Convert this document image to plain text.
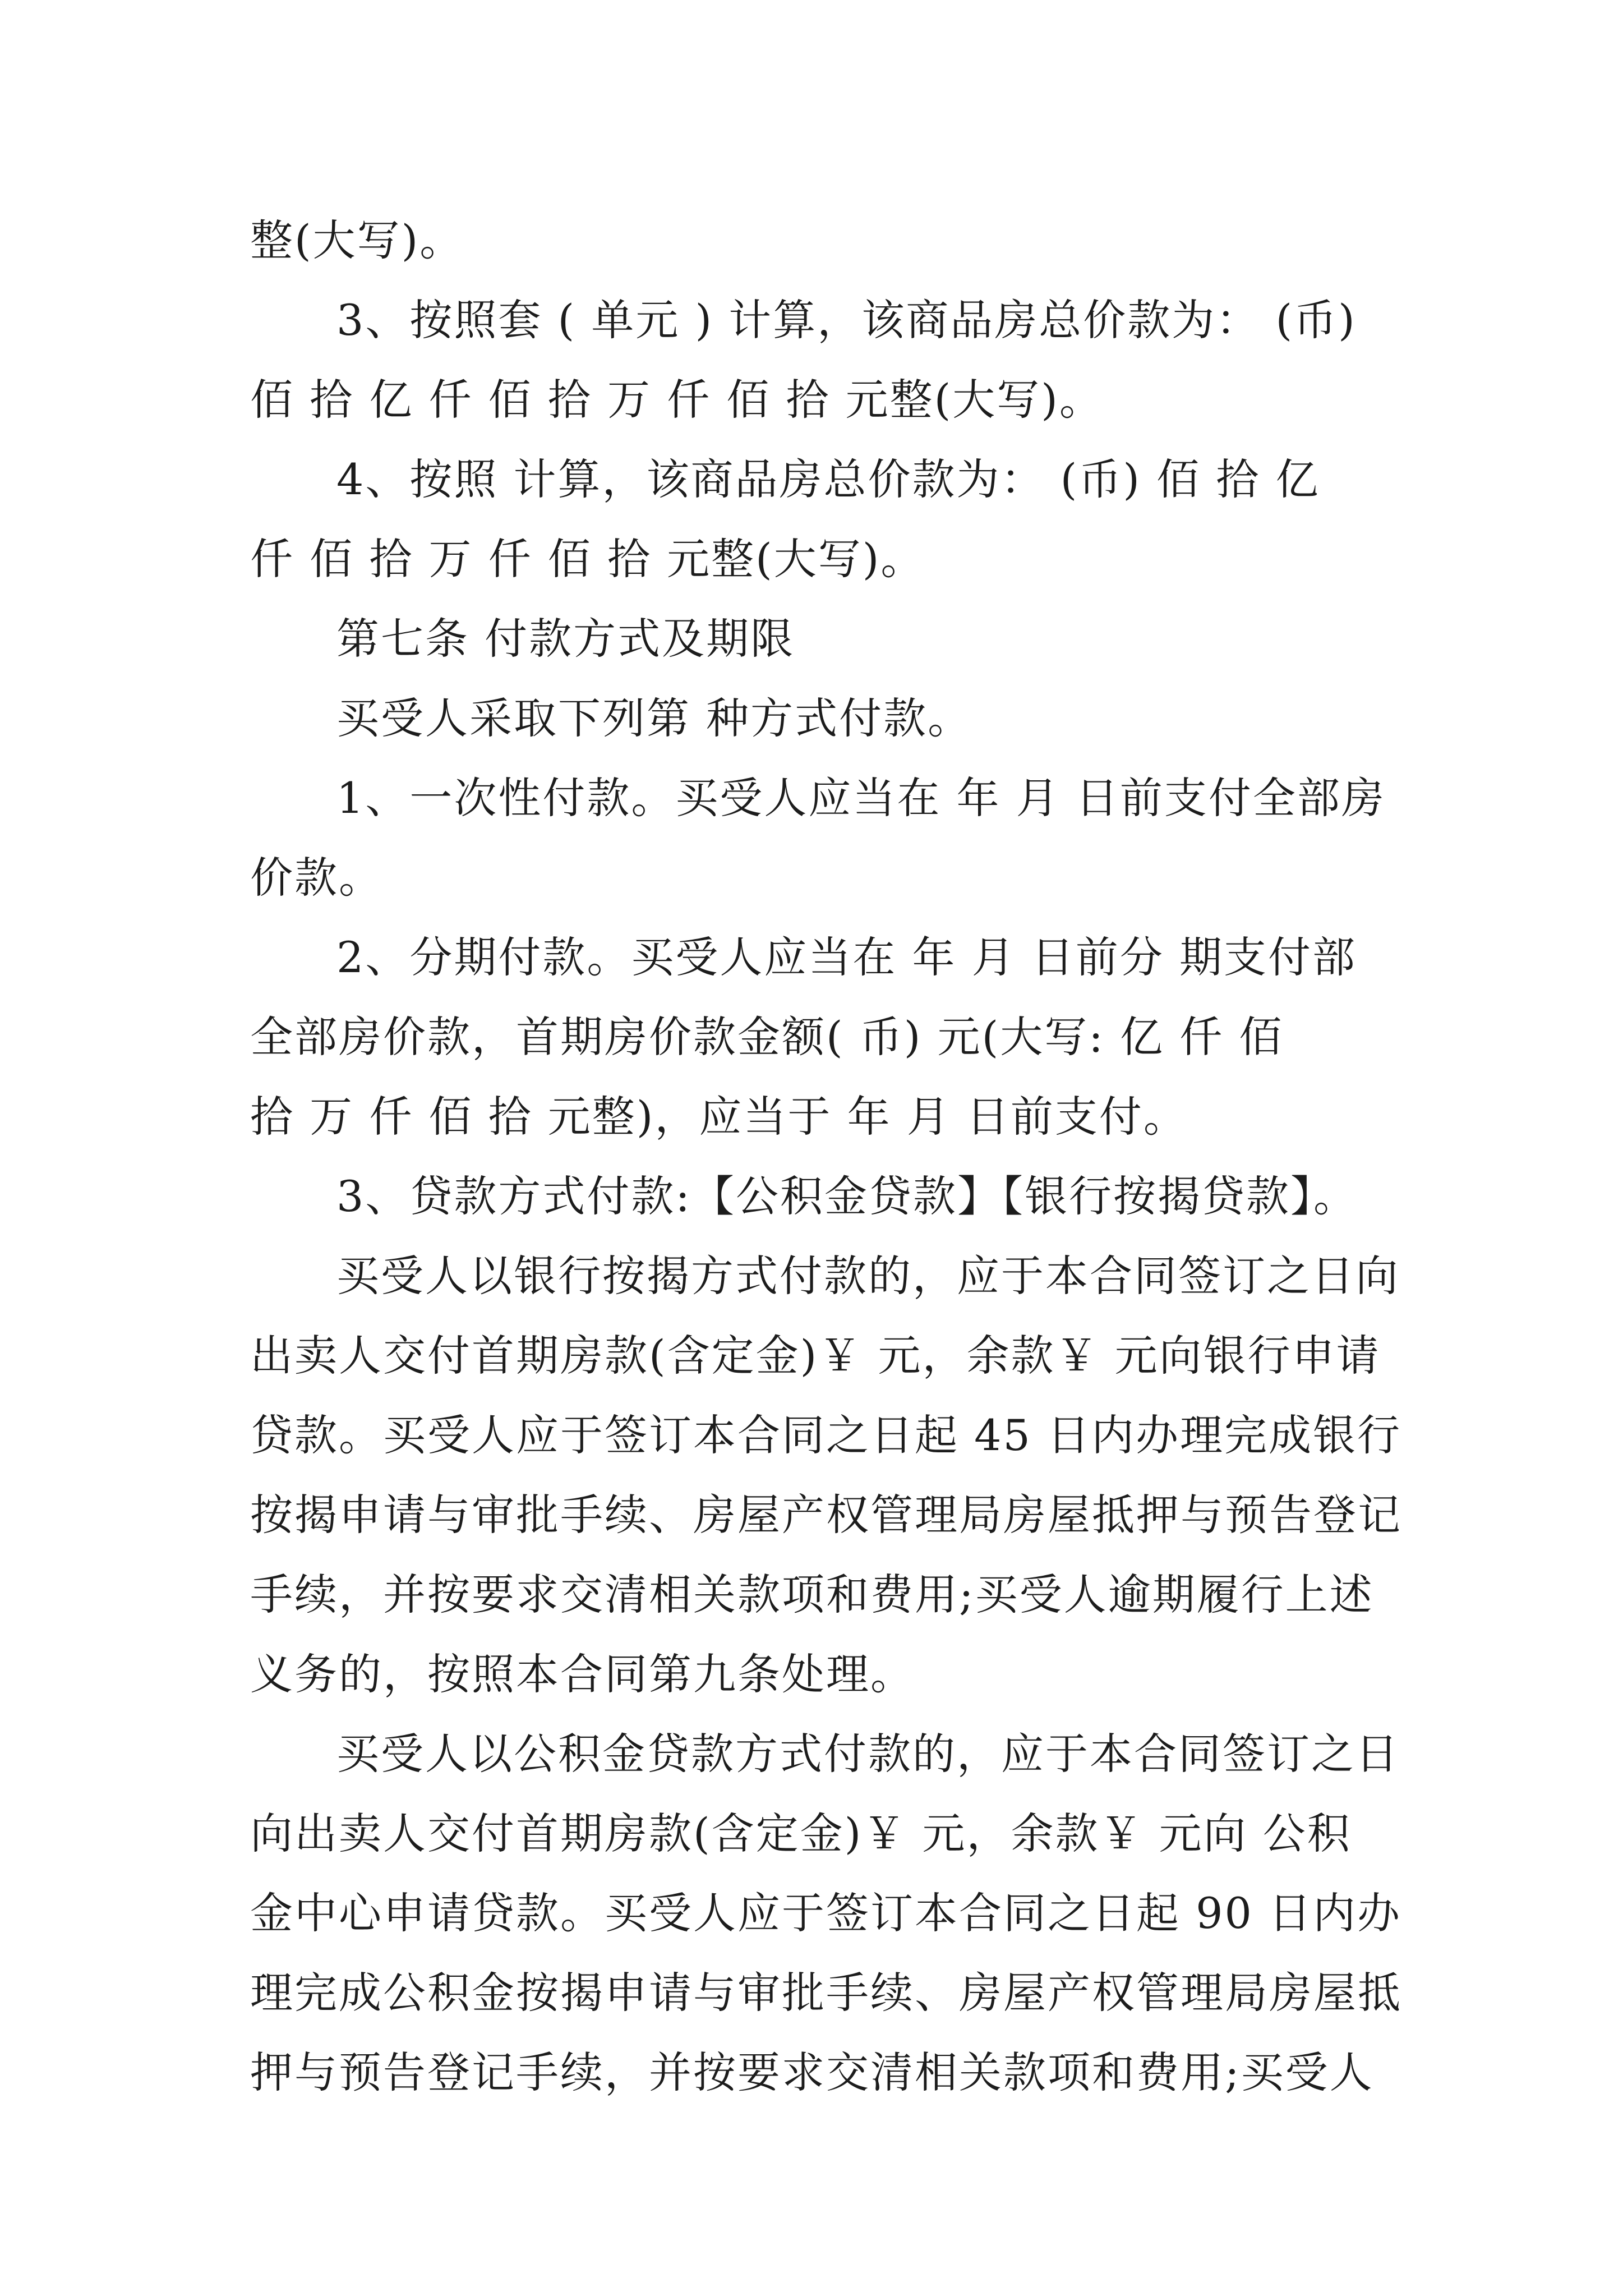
整(大写)。
3、按照套 ( 单元 ) 计算，该商品房总价款为： (币)
佰 拾 亿 仟 佰 拾 万 仟 佰 拾 元整(大写)。
4、按照 计算，该商品房总价款为： (币) 佰 拾 亿
仟 佰 拾 万 仟 佰 拾 元整(大写)。
第七条 付款方式及期限
买受人采取下列第 种方式付款。
1、一次性付款。买受人应当在 年 月 日前支付全部房
价款。
2、分期付款。买受人应当在 年 月 日前分 期支付部
全部房价款，首期房价款金额( 币) 元(大写: 亿 仟 佰
拾 万 仟 佰 拾 元整)，应当于 年 月 日前支付。
3、贷款方式付款:【公积金贷款】【银行按揭贷款】。
买受人以银行按揭方式付款的，应于本合同签订之日向
出卖人交付首期房款(含定金)￥ 元，余款￥ 元向银行申请
贷款。买受人应于签订本合同之日起 45 日内办理完成银行
按揭申请与审批手续、房屋产权管理局房屋抵押与预告登记
手续，并按要求交清相关款项和费用;买受人逾期履行上述
义务的，按照本合同第九条处理。
买受人以公积金贷款方式付款的，应于本合同签订之日
向出卖人交付首期房款(含定金)￥ 元，余款￥ 元向 公积
金中心申请贷款。买受人应于签订本合同之日起 90 日内办
理完成公积金按揭申请与审批手续、房屋产权管理局房屋抵
押与预告登记手续，并按要求交清相关款项和费用;买受人
